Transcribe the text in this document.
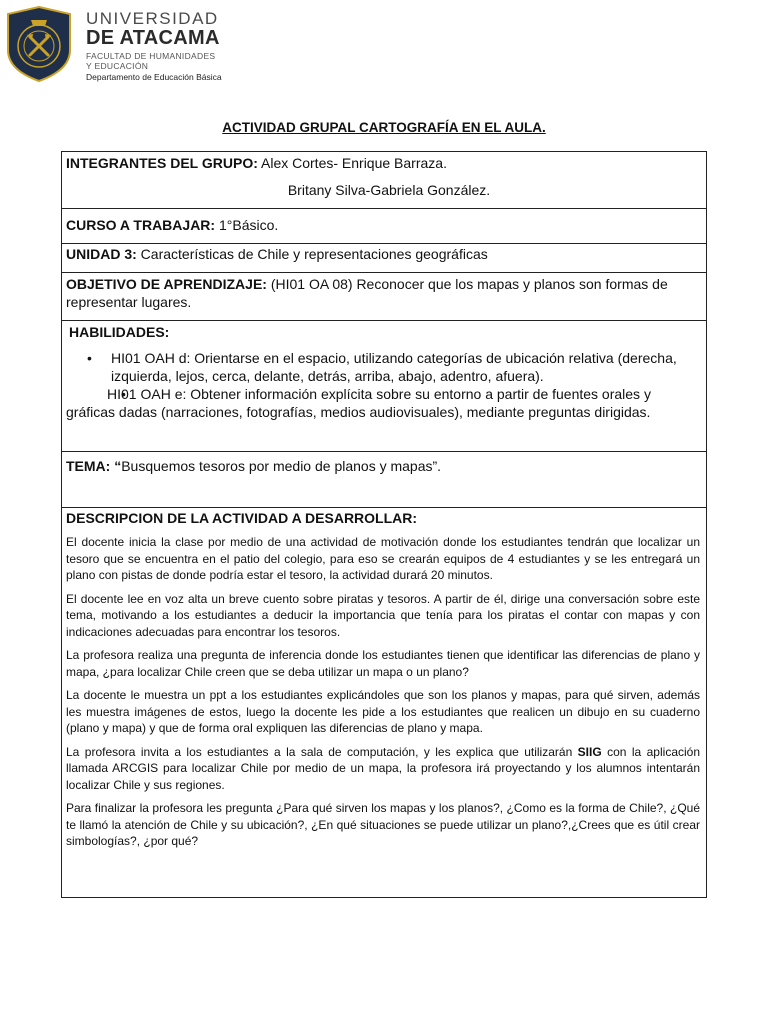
UNIVERSIDAD
DE ATACAMA
FACULTAD DE HUMANIDADES
Y EDUCACIÓN
Departamento de Educación Básica
ACTIVIDAD GRUPAL CARTOGRAFÍA EN EL AULA.
INTEGRANTES DEL GRUPO: Alex Cortes- Enrique Barraza.
Britany Silva-Gabriela González.

CURSO A TRABAJAR: 1°Básico.
UNIDAD 3: Características de Chile y representaciones geográficas
OBJETIVO DE APRENDIZAJE: (HI01 OA 08) Reconocer que los mapas y planos son formas de representar lugares.

HABILIDADES:
• HI01 OAH d: Orientarse en el espacio, utilizando categorías de ubicación relativa (derecha, izquierda, lejos, cerca, delante, detrás, arriba, abajo, adentro, afuera).
• HI01 OAH e: Obtener información explícita sobre su entorno a partir de fuentes orales y gráficas dadas (narraciones, fotografías, medios audiovisuales), mediante preguntas dirigidas.

TEMA: “Busquemos tesoros por medio de planos y mapas”.

DESCRIPCION DE LA ACTIVIDAD A DESARROLLAR:

El docente inicia la clase por medio de una actividad de motivación donde los estudiantes tendrán que localizar un tesoro que se encuentra en el patio del colegio, para eso se crearán equipos de 4 estudiantes y se les entregará un plano con pistas de donde podría estar el tesoro, la actividad durará 20 minutos.

El docente lee en voz alta un breve cuento sobre piratas y tesoros. A partir de él, dirige una conversación sobre este tema, motivando a los estudiantes a deducir la importancia que tenía para los piratas el contar con mapas y con indicaciones adecuadas para encontrar los tesoros.

La profesora realiza una pregunta de inferencia donde los estudiantes tienen que identificar las diferencias de plano y mapa, ¿para localizar Chile creen que se deba utilizar un mapa o un plano?

La docente le muestra un ppt a los estudiantes explicándoles que son los planos y mapas, para qué sirven, además les muestra imágenes de estos, luego la docente les pide a los estudiantes que realicen un dibujo en su cuaderno (plano y mapa) y que de forma oral expliquen las diferencias de plano y mapa.

La profesora invita a los estudiantes a la sala de computación, y les explica que utilizarán SIIG con la aplicación llamada ARCGIS para localizar Chile por medio de un mapa, la profesora irá proyectando y los alumnos intentarán localizar Chile y sus regiones.

Para finalizar la profesora les pregunta ¿Para qué sirven los mapas y los planos?, ¿Como es la forma de Chile?, ¿Qué te llamó la atención de Chile y su ubicación?, ¿En qué situaciones se puede utilizar un plano?,¿Crees que es útil crear simbologías?, ¿por qué?
